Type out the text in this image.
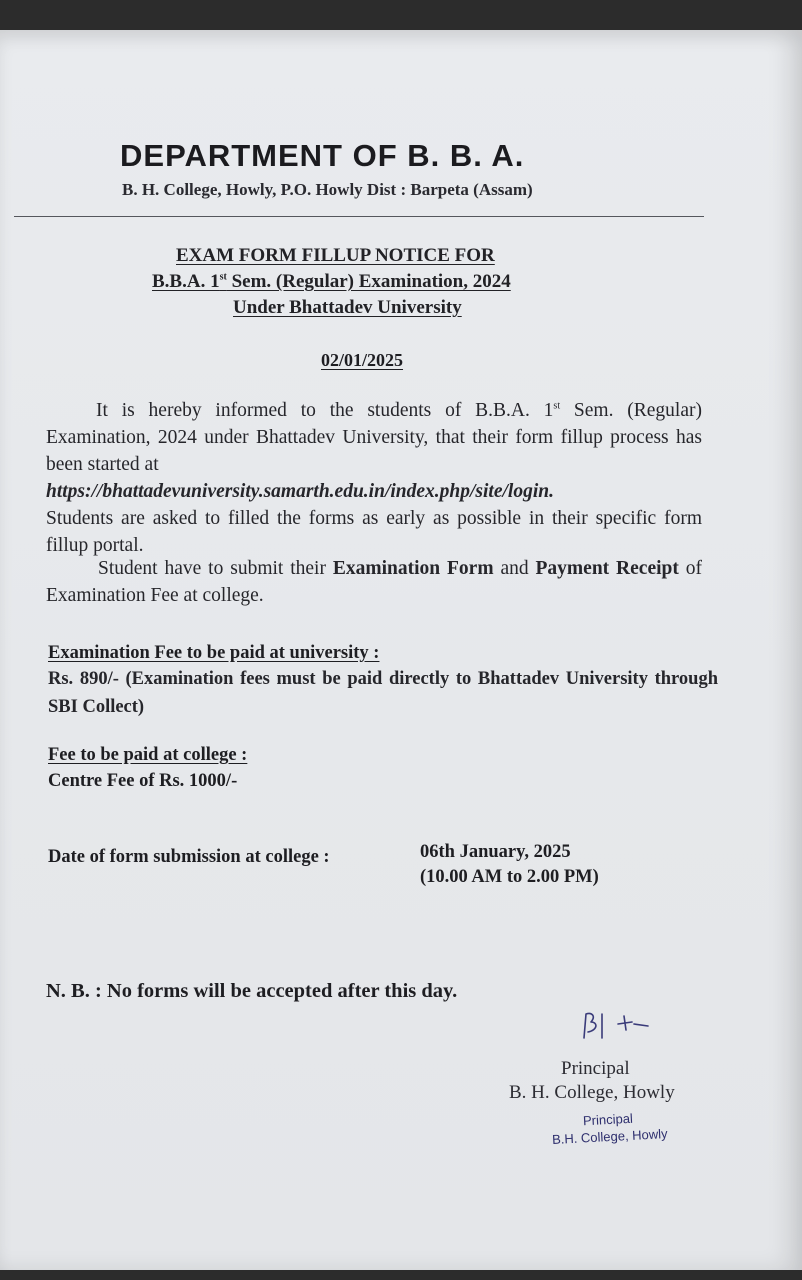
DEPARTMENT OF B. B. A.
B. H. College, Howly, P.O. Howly Dist : Barpeta (Assam)
EXAM FORM FILLUP NOTICE FOR
B.B.A. 1st Sem. (Regular) Examination, 2024
Under Bhattadev University
02/01/2025
It is hereby informed to the students of B.B.A. 1st Sem. (Regular) Examination, 2024 under Bhattadev University, that their form fillup process has been started at
https://bhattadevuniversity.samarth.edu.in/index.php/site/login.
Students are asked to filled the forms as early as possible in their specific form fillup portal.
Student have to submit their Examination Form and Payment Receipt of Examination Fee at college.
Examination Fee to be paid at university :
Rs. 890/- (Examination fees must be paid directly to Bhattadev University through SBI Collect)
Fee to be paid at college :
Centre Fee of Rs. 1000/-
Date of form submission at college :	06th January, 2025
(10.00 AM to 2.00 PM)
N. B. : No forms will be accepted after this day.
Principal
B. H. College, Howly
Principal
B.H. College, Howly
